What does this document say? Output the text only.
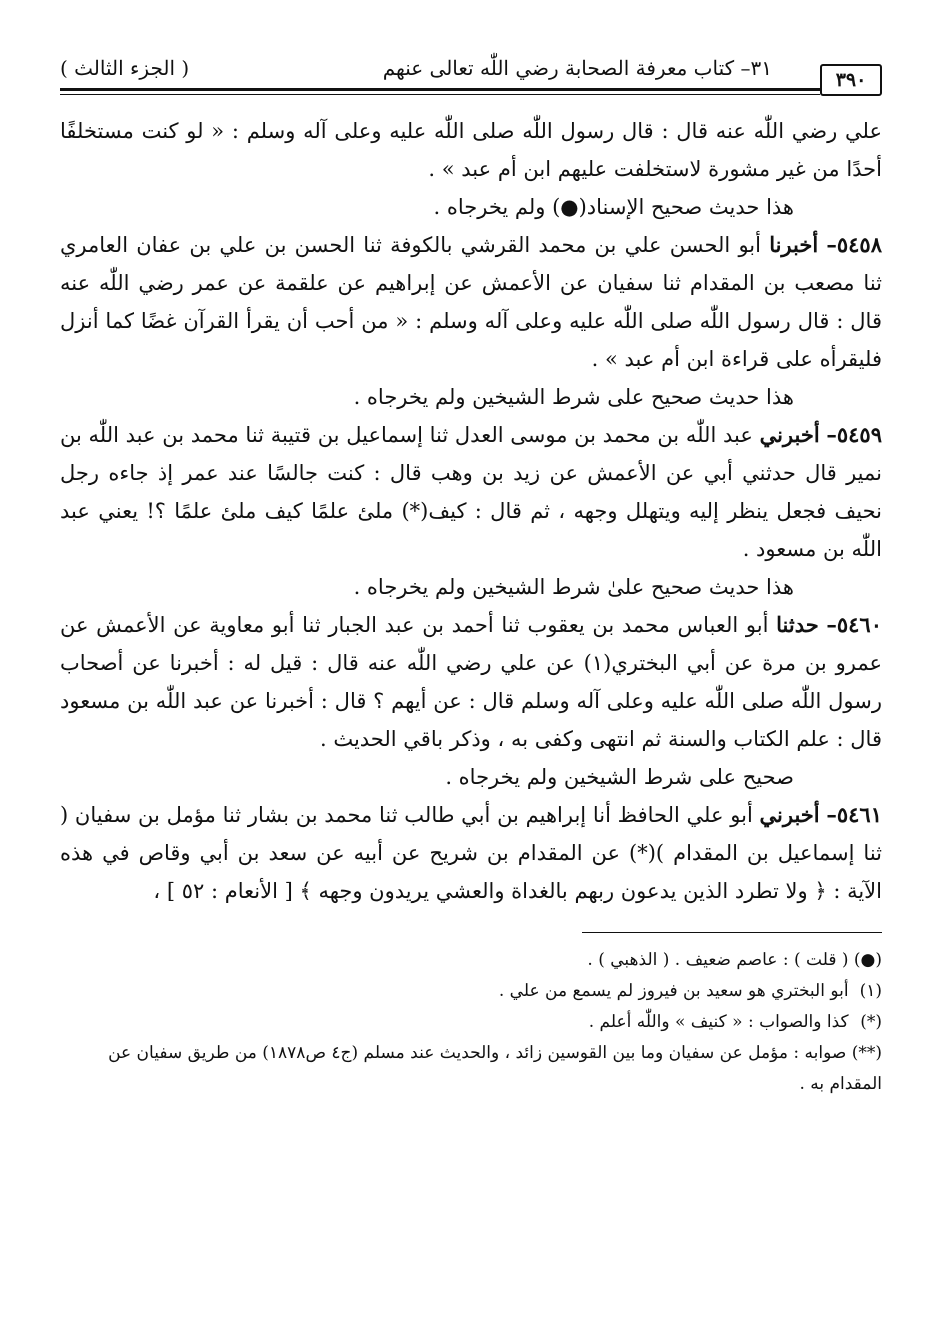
٣٩٠
٣١– كتاب معرفة الصحابة رضي اللّٰه تعالى عنهم
( الجزء الثالث )

علي رضي اللّٰه عنه قال : قال رسول اللّٰه صلى اللّٰه عليه وعلى آله وسلم : « لو كنت مستخلفًا أحدًا من غير مشورة لاستخلفت عليهم ابن أم عبد » .

هذا حديث صحيح الإسناد(●) ولم يخرجاه .

٥٤٥٨– أخبرنا أبو الحسن علي بن محمد القرشي بالكوفة ثنا الحسن بن علي بن عفان العامري ثنا مصعب بن المقدام ثنا سفيان عن الأعمش عن إبراهيم عن علقمة عن عمر رضي اللّٰه عنه قال : قال رسول اللّٰه صلى اللّٰه عليه وعلى آله وسلم : « من أحب أن يقرأ القرآن غضًا كما أنزل فليقرأه على قراءة ابن أم عبد » .

هذا حديث صحيح على شرط الشيخين ولم يخرجاه .

٥٤٥٩– أخبرني عبد اللّٰه بن محمد بن موسى العدل ثنا إسماعيل بن قتيبة ثنا محمد بن عبد اللّٰه بن نمير قال حدثني أبي عن الأعمش عن زيد بن وهب قال : كنت جالسًا عند عمر إذ جاءه رجل نحيف فجعل ينظر إليه ويتهلل وجهه ، ثم قال : كيف(*) ملئ علمًا كيف ملئ علمًا ؟! يعني عبد اللّٰه بن مسعود .

هذا حديث صحيح علىٰ شرط الشيخين ولم يخرجاه .

٥٤٦٠– حدثنا أبو العباس محمد بن يعقوب ثنا أحمد بن عبد الجبار ثنا أبو معاوية عن الأعمش عن عمرو بن مرة عن أبي البختري(١) عن علي رضي اللّٰه عنه قال : قيل له : أخبرنا عن أصحاب رسول اللّٰه صلى اللّٰه عليه وعلى آله وسلم قال : عن أيهم ؟ قال : أخبرنا عن عبد اللّٰه بن مسعود قال : علم الكتاب والسنة ثم انتهى وكفى به ، وذكر باقي الحديث .

صحيح على شرط الشيخين ولم يخرجاه .

٥٤٦١– أخبرني أبو علي الحافظ أنا إبراهيم بن أبي طالب ثنا محمد بن بشار ثنا مؤمل بن سفيان ( ثنا إسماعيل بن المقدام )(*) عن المقدام بن شريح عن أبيه عن سعد بن أبي وقاص في هذه الآية : ﴿ ولا تطرد الذين يدعون ربهم بالغداة والعشي يريدون وجهه ﴾ [ الأنعام : ٥٢ ] ،

(●) ( قلت ) : عاصم ضعيف . ( الذهبي ) .

(١) أبو البختري هو سعيد بن فيروز لم يسمع من علي .

(*) كذا والصواب : « كنيف » واللّٰه أعلم .

(**) صوابه : مؤمل عن سفيان وما بين القوسين زائد ، والحديث عند مسلم (ج٤ ص١٨٧٨) من طريق سفيان عن المقدام به .
